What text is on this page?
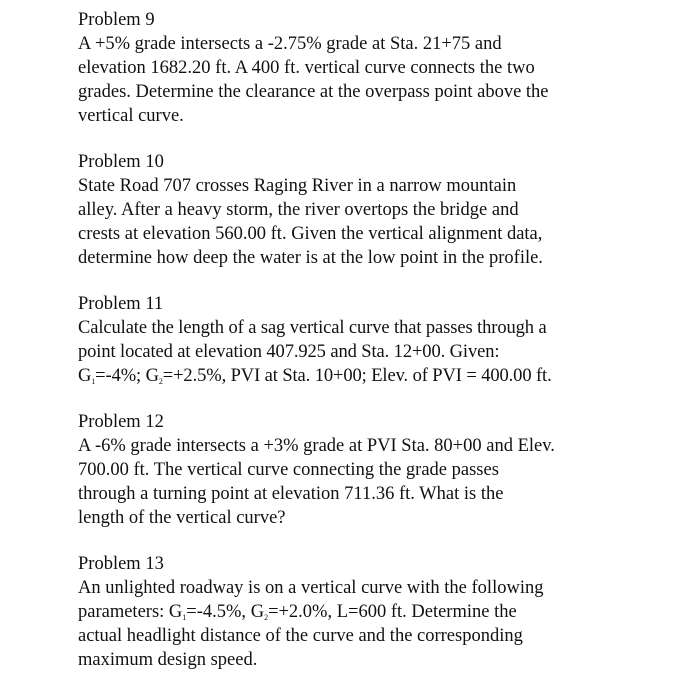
Problem 9
A +5% grade intersects a -2.75% grade at Sta. 21+75 and
elevation 1682.20 ft. A 400 ft. vertical curve connects the two
grades. Determine the clearance at the overpass point above the
vertical curve.
Problem 10
State Road 707 crosses Raging River in a narrow mountain
alley. After a heavy storm, the river overtops the bridge and
crests at elevation 560.00 ft. Given the vertical alignment data,
determine how deep the water is at the low point in the profile.
Problem 11
Calculate the length of a sag vertical curve that passes through a
point located at elevation 407.925 and Sta. 12+00. Given:
$G_1=-4\%$; $G_2=+2.5\%$, PVI at Sta. 10+00; Elev. of PVI = 400.00 ft.
Problem 12
A -6% grade intersects a +3% grade at PVI Sta. 80+00 and Elev.
700.00 ft. The vertical curve connecting the grade passes
through a turning point at elevation 711.36 ft. What is the
length of the vertical curve?
Problem 13
An unlighted roadway is on a vertical curve with the following
parameters: $G_1=-4.5\%$, $G_2=+2.0\%$, L=600 ft. Determine the
actual headlight distance of the curve and the corresponding
maximum design speed.
